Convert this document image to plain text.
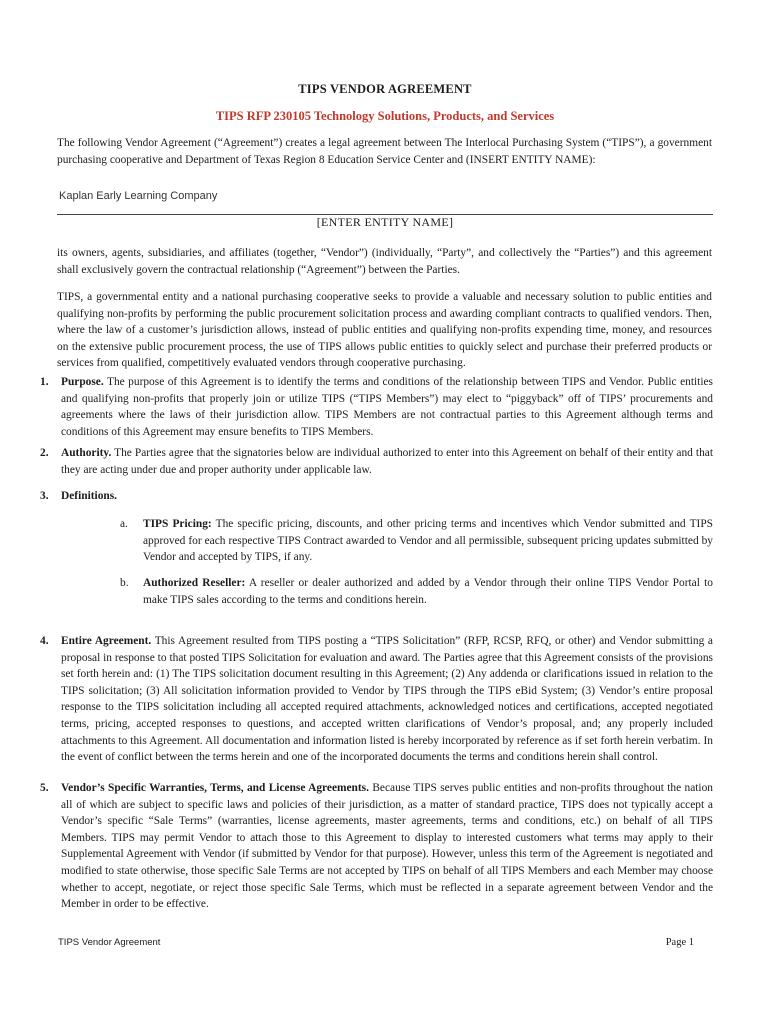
TIPS VENDOR AGREEMENT
TIPS RFP 230105 Technology Solutions, Products, and Services

The following Vendor Agreement (“Agreement”) creates a legal agreement between The Interlocal Purchasing System (“TIPS”), a government purchasing cooperative and Department of Texas Region 8 Education Service Center and (INSERT ENTITY NAME):

Kaplan Early Learning Company
[ENTER ENTITY NAME]

its owners, agents, subsidiaries, and affiliates (together, “Vendor”) (individually, “Party”, and collectively the “Parties”) and this agreement shall exclusively govern the contractual relationship (“Agreement”) between the Parties.

TIPS, a governmental entity and a national purchasing cooperative seeks to provide a valuable and necessary solution to public entities and qualifying non-profits by performing the public procurement solicitation process and awarding compliant contracts to qualified vendors. Then, where the law of a customer’s jurisdiction allows, instead of public entities and qualifying non-profits expending time, money, and resources on the extensive public procurement process, the use of TIPS allows public entities to quickly select and purchase their preferred products or services from qualified, competitively evaluated vendors through cooperative purchasing.

1.	Purpose. The purpose of this Agreement is to identify the terms and conditions of the relationship between TIPS and Vendor. Public entities and qualifying non-profits that properly join or utilize TIPS (“TIPS Members”) may elect to “piggyback” off of TIPS’ procurements and agreements where the laws of their jurisdiction allow. TIPS Members are not contractual parties to this Agreement although terms and conditions of this Agreement may ensure benefits to TIPS Members.
2.	Authority. The Parties agree that the signatories below are individual authorized to enter into this Agreement on behalf of their entity and that they are acting under due and proper authority under applicable law.
3.	Definitions.
a.	TIPS Pricing: The specific pricing, discounts, and other pricing terms and incentives which Vendor submitted and TIPS approved for each respective TIPS Contract awarded to Vendor and all permissible, subsequent pricing updates submitted by Vendor and accepted by TIPS, if any.
b.	Authorized Reseller: A reseller or dealer authorized and added by a Vendor through their online TIPS Vendor Portal to make TIPS sales according to the terms and conditions herein.
4.	Entire Agreement. This Agreement resulted from TIPS posting a “TIPS Solicitation” (RFP, RCSP, RFQ, or other) and Vendor submitting a proposal in response to that posted TIPS Solicitation for evaluation and award. The Parties agree that this Agreement consists of the provisions set forth herein and: (1) The TIPS solicitation document resulting in this Agreement; (2) Any addenda or clarifications issued in relation to the TIPS solicitation; (3) All solicitation information provided to Vendor by TIPS through the TIPS eBid System; (3) Vendor’s entire proposal response to the TIPS solicitation including all accepted required attachments, acknowledged notices and certifications, accepted negotiated terms, pricing, accepted responses to questions, and accepted written clarifications of Vendor’s proposal, and; any properly included attachments to this Agreement. All documentation and information listed is hereby incorporated by reference as if set forth herein verbatim. In the event of conflict between the terms herein and one of the incorporated documents the terms and conditions herein shall control.
5.	Vendor’s Specific Warranties, Terms, and License Agreements. Because TIPS serves public entities and non-profits throughout the nation all of which are subject to specific laws and policies of their jurisdiction, as a matter of standard practice, TIPS does not typically accept a Vendor’s specific “Sale Terms” (warranties, license agreements, master agreements, terms and conditions, etc.) on behalf of all TIPS Members. TIPS may permit Vendor to attach those to this Agreement to display to interested customers what terms may apply to their Supplemental Agreement with Vendor (if submitted by Vendor for that purpose). However, unless this term of the Agreement is negotiated and modified to state otherwise, those specific Sale Terms are not accepted by TIPS on behalf of all TIPS Members and each Member may choose whether to accept, negotiate, or reject those specific Sale Terms, which must be reflected in a separate agreement between Vendor and the Member in order to be effective.
TIPS Vendor Agreement	Page 1
